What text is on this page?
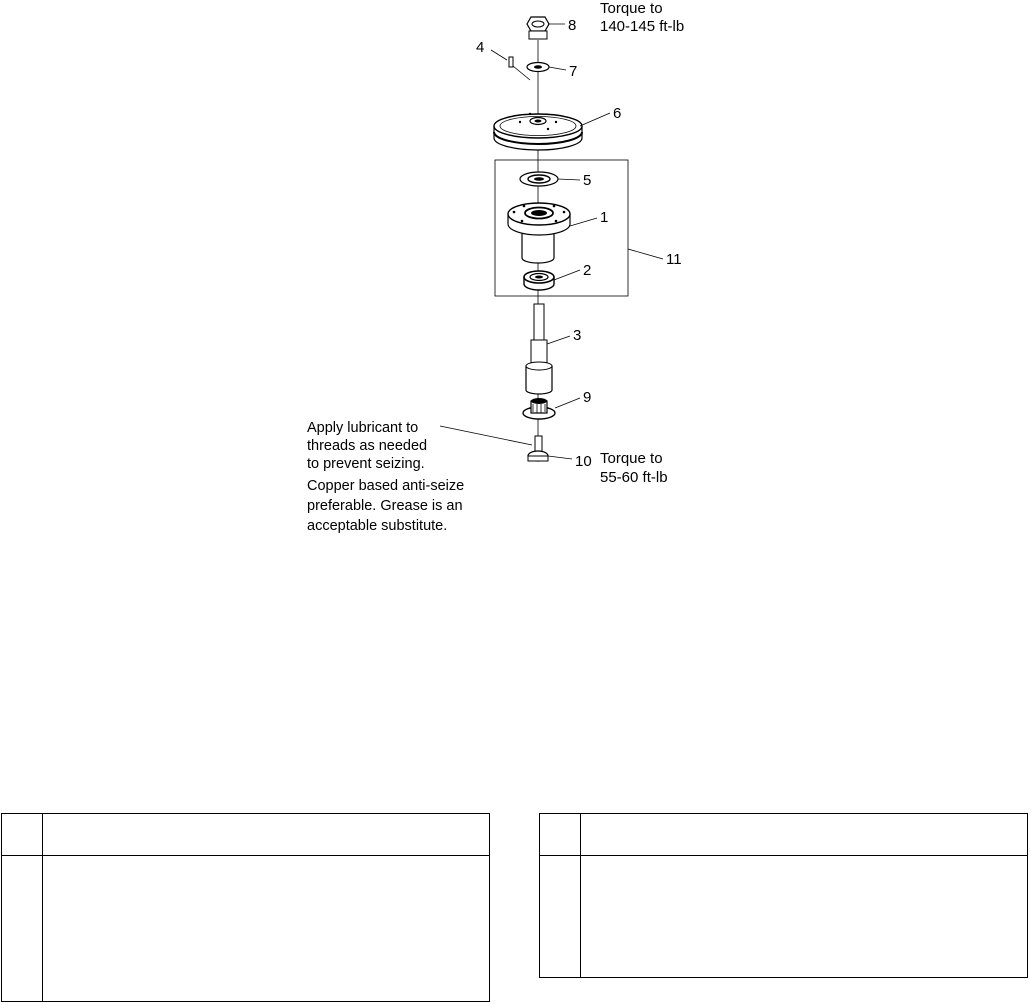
8
7
4
6
5
1
11
2
3
9
10
Torque to
140-145 ft-lb
Torque to
55-60 ft-lb
Apply lubricant to
threads as needed
to prevent seizing.
Copper based anti-seize
preferable. Grease is an
acceptable substitute.
